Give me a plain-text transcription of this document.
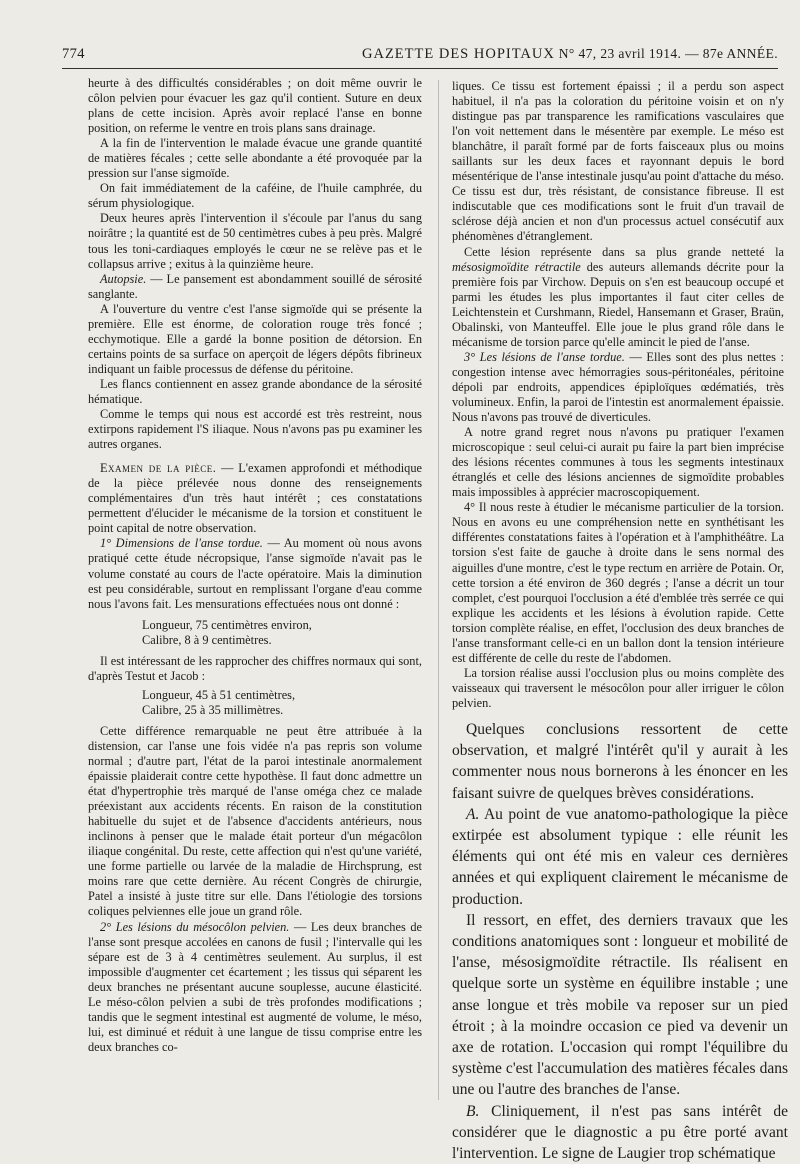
774	GAZETTE DES HOPITAUX N° 47, 23 avril 1914. — 87e ANNÉE.

heurte à des difficultés considérables ; on doit même ouvrir le côlon pelvien pour évacuer les gaz qu'il contient. Suture en deux plans de cette incision. Après avoir replacé l'anse en bonne position, on referme le ventre en trois plans sans drainage.

A la fin de l'intervention le malade évacue une grande quantité de matières fécales ; cette selle abondante a été provoquée par la pression sur l'anse sigmoïde.

On fait immédiatement de la caféine, de l'huile camphrée, du sérum physiologique.

Deux heures après l'intervention il s'écoule par l'anus du sang noirâtre ; la quantité est de 50 centimètres cubes à peu près. Malgré tous les toni-cardiaques employés le cœur ne se relève pas et le collapsus arrive ; exitus à la quinzième heure.

Autopsie. — Le pansement est abondamment souillé de sérosité sanglante.

A l'ouverture du ventre c'est l'anse sigmoïde qui se présente la première. Elle est énorme, de coloration rouge très foncé ; ecchymotique. Elle a gardé la bonne position de détorsion. En certains points de sa surface on aperçoit de légers dépôts fibrineux indiquant un faible processus de défense du péritoine.

Les flancs contiennent en assez grande abondance de la sérosité hématique.

Comme le temps qui nous est accordé est très restreint, nous extirpons rapidement l'S iliaque. Nous n'avons pas pu examiner les autres organes.

Examen de la pièce. — L'examen approfondi et méthodique de la pièce prélevée nous donne des renseignements complémentaires d'un très haut intérêt ; ces constatations permettent d'élucider le mécanisme de la torsion et constituent le point capital de notre observation.

1° Dimensions de l'anse tordue. — Au moment où nous avons pratiqué cette étude nécropsique, l'anse sigmoïde n'avait pas le volume constaté au cours de l'acte opératoire. Mais la diminution est peu considérable, surtout en remplissant l'organe d'eau comme nous l'avons fait. Les mensurations effectuées nous ont donné :

Longueur, 75 centimètres environ,

Calibre, 8 à 9 centimètres.

Il est intéressant de les rapprocher des chiffres normaux qui sont, d'après Testut et Jacob :

Longueur, 45 à 51 centimètres,

Calibre, 25 à 35 millimètres.

Cette différence remarquable ne peut être attribuée à la distension, car l'anse une fois vidée n'a pas repris son volume normal ; d'autre part, l'état de la paroi intestinale anormalement épaissie plaiderait contre cette hypothèse. Il faut donc admettre un état d'hypertrophie très marqué de l'anse oméga chez ce malade préexistant aux accidents récents. En raison de la constitution habituelle du sujet et de l'absence d'accidents antérieurs, nous inclinons à penser que le malade était porteur d'un mégacôlon iliaque congénital. Du reste, cette affection qui n'est qu'une variété, une forme partielle ou larvée de la maladie de Hirchsprung, est moins rare que cette dernière. Au récent Congrès de chirurgie, Patel a insisté à juste titre sur elle. Dans l'étiologie des torsions coliques pelviennes elle joue un grand rôle.

2° Les lésions du mésocôlon pelvien. — Les deux branches de l'anse sont presque accolées en canons de fusil ; l'intervalle qui les sépare est de 3 à 4 centimètres seulement. Au surplus, il est impossible d'augmenter cet écartement ; les tissus qui séparent les deux branches ne présentant aucune souplesse, aucune élasticité. Le méso-côlon pelvien a subi de très profondes modifications ; tandis que le segment intestinal est augmenté de volume, le méso, lui, est diminué et réduit à une langue de tissu comprise entre les deux branches co-

liques. Ce tissu est fortement épaissi ; il a perdu son aspect habituel, il n'a pas la coloration du péritoine voisin et on n'y distingue pas par transparence les ramifications vasculaires que l'on voit nettement dans le mésentère par exemple. Le méso est blanchâtre, il paraît formé par de forts faisceaux plus ou moins saillants sur les deux faces et rayonnant depuis le bord mésentérique de l'anse intestinale jusqu'au point d'attache du méso. Ce tissu est dur, très résistant, de consistance fibreuse. Il est indiscutable que ces modifications sont le fruit d'un travail de sclérose déjà ancien et non d'un processus actuel consécutif aux phénomènes d'étranglement.

Cette lésion représente dans sa plus grande netteté la mésosigmoïdite rétractile des auteurs allemands décrite pour la première fois par Virchow. Depuis on s'en est beaucoup occupé et parmi les études les plus importantes il faut citer celles de Leichtenstein et Curshmann, Riedel, Hansemann et Graser, Braün, Obalinski, von Manteuffel. Elle joue le plus grand rôle dans le mécanisme de torsion parce qu'elle amincit le pied de l'anse.

3° Les lésions de l'anse tordue. — Elles sont des plus nettes : congestion intense avec hémorragies sous-péritonéales, péritoine dépoli par endroits, appendices épiploïques œdématiés, très volumineux. Enfin, la paroi de l'intestin est anormalement épaissie. Nous n'avons pas trouvé de diverticules.

A notre grand regret nous n'avons pu pratiquer l'examen microscopique : seul celui-ci aurait pu faire la part bien imprécise des lésions récentes communes à tous les segments intestinaux étranglés et celle des lésions anciennes de sigmoïdite probables mais impossibles à apprécier macroscopiquement.

4° Il nous reste à étudier le mécanisme particulier de la torsion. Nous en avons eu une compréhension nette en synthétisant les différentes constatations faites à l'opération et à l'amphithéâtre. La torsion s'est faite de gauche à droite dans le sens normal des aiguilles d'une montre, c'est le type rectum en arrière de Potain. Or, cette torsion a été environ de 360 degrés ; l'anse a décrit un tour complet, c'est pourquoi l'occlusion a été d'emblée très serrée ce qui explique les accidents et les lésions à évolution rapide. Cette torsion complète réalise, en effet, l'occlusion des deux branches de l'anse transformant celle-ci en un ballon dont la tension intérieure est différente de celle du reste de l'abdomen.

La torsion réalise aussi l'occlusion plus ou moins complète des vaisseaux qui traversent le mésocôlon pour aller irriguer le côlon pelvien.

Quelques conclusions ressortent de cette observation, et malgré l'intérêt qu'il y aurait à les commenter nous nous bornerons à les énoncer en les faisant suivre de quelques brèves considérations.

A. Au point de vue anatomo-pathologique la pièce extirpée est absolument typique : elle réunit les éléments qui ont été mis en valeur ces dernières années et qui expliquent clairement le mécanisme de production.

Il ressort, en effet, des derniers travaux que les conditions anatomiques sont : longueur et mobilité de l'anse, mésosigmoïdite rétractile. Ils réalisent en quelque sorte un système en équilibre instable ; une anse longue et très mobile va reposer sur un pied étroit ; à la moindre occasion ce pied va devenir un axe de rotation. L'occasion qui rompt l'équilibre du système c'est l'accumulation des matières fécales dans une ou l'autre des branches de l'anse.

B. Cliniquement, il n'est pas sans intérêt de considérer que le diagnostic a pu être porté avant l'intervention. Le signe de Laugier trop schématique
